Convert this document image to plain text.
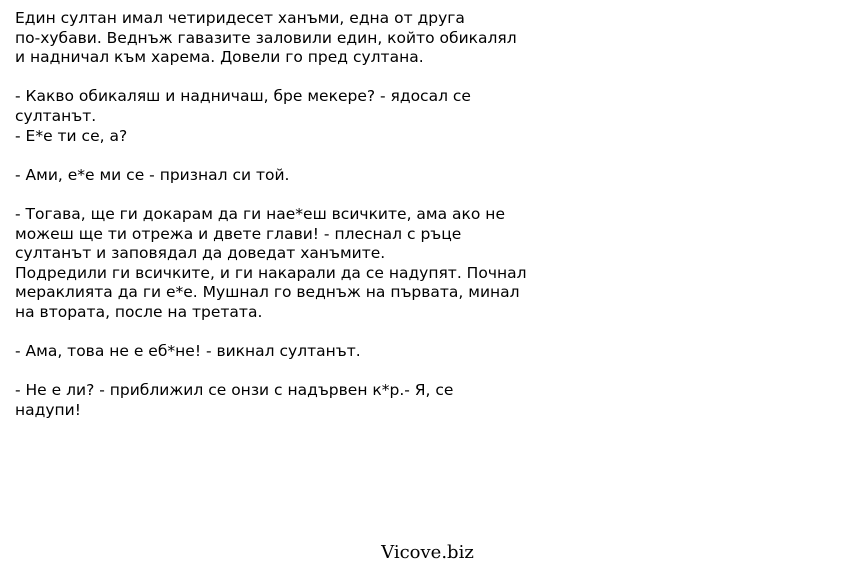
Един султан имал четиридесет ханъми, една от друга
по-хубави. Веднъж гавазите заловили един, който обикалял
и надничал към харема. Довели го пред султана.
- Какво обикаляш и надничаш, бре мекере? - ядосал се
султанът.
- Е*е ти се, а?
- Ами, е*е ми се - признал си той.
- Тогава, ще ги докарам да ги нае*еш всичките, ама ако не
можеш ще ти отрежа и двете глави! - плеснал с ръце
султанът и заповядал да доведат ханъмите.
Подредили ги всичките, и ги накарали да се надупят. Почнал
мераклията да ги е*е. Мушнал го веднъж на първата, минал
на втората, после на третата.
- Ама, това не е еб*не! - викнал султанът.
- Не е ли? - приближил се онзи с надървен к*р.- Я, се
надупи!
Vicove.biz
